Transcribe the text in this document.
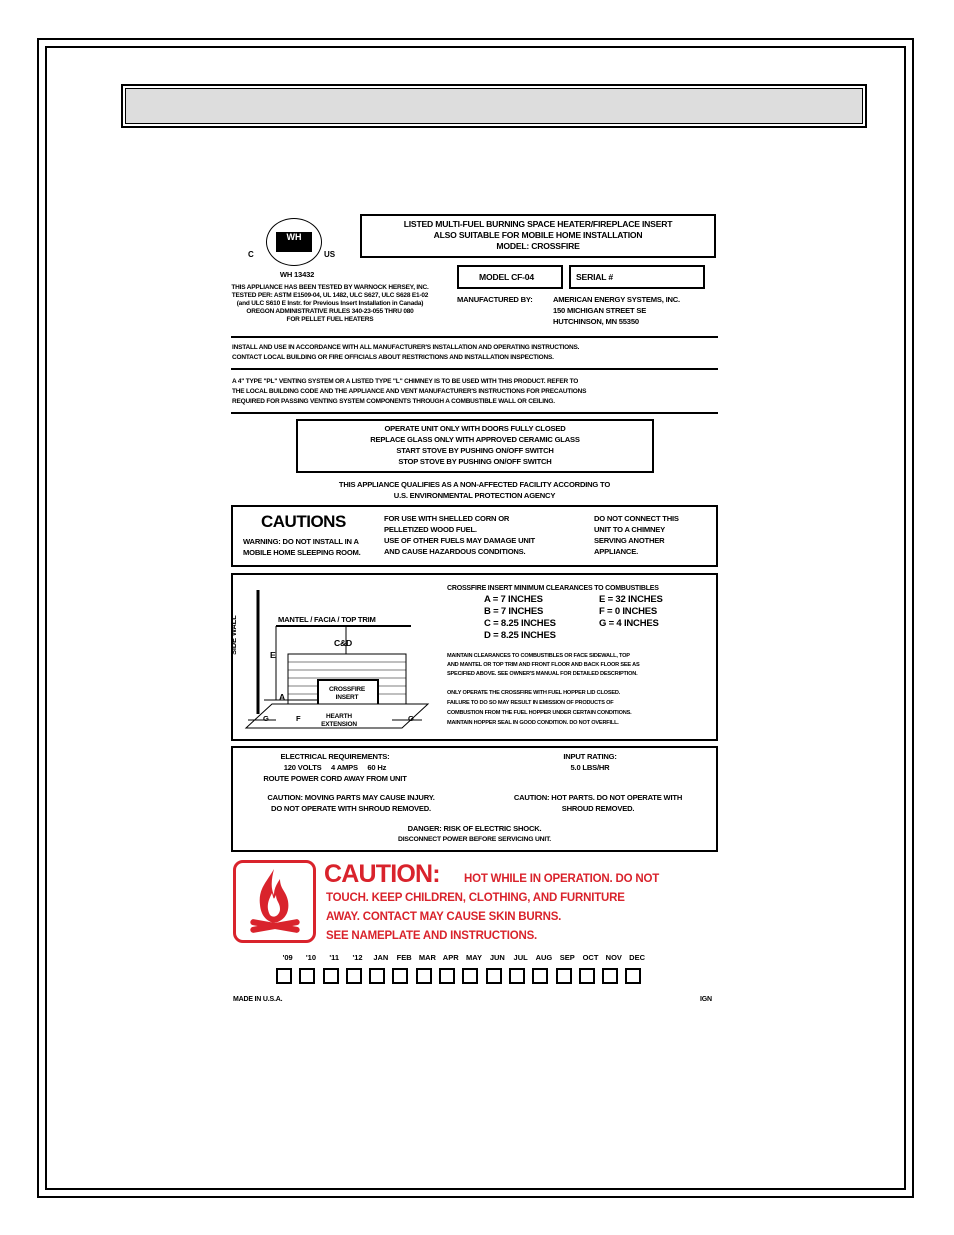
WH
C	US
WH 13432
THIS APPLIANCE HAS BEEN TESTED BY WARNOCK HERSEY, INC.
TESTED PER: ASTM E1509-04, UL 1482, ULC S627, ULC S628 E1-02
(and ULC S610 E Instr. for Previous Insert Installation in Canada)
OREGON ADMINISTRATIVE RULES 340-23-055 THRU 080
FOR PELLET FUEL HEATERS
LISTED MULTI-FUEL BURNING SPACE HEATER/FIREPLACE INSERT
ALSO SUITABLE FOR MOBILE HOME INSTALLATION
MODEL: CROSSFIRE
MODEL CF-04	SERIAL #
MANUFACTURED BY:	AMERICAN ENERGY SYSTEMS, INC.
150 MICHIGAN STREET SE
HUTCHINSON, MN 55350
INSTALL AND USE IN ACCORDANCE WITH ALL MANUFACTURER'S INSTALLATION AND OPERATING INSTRUCTIONS.
CONTACT LOCAL BUILDING OR FIRE OFFICIALS ABOUT RESTRICTIONS AND INSTALLATION INSPECTIONS.
A 4" TYPE "PL" VENTING SYSTEM OR A LISTED TYPE "L" CHIMNEY IS TO BE USED WITH THIS PRODUCT. REFER TO
THE LOCAL BUILDING CODE AND THE APPLIANCE AND VENT MANUFACTURER'S INSTRUCTIONS FOR PRECAUTIONS
REQUIRED FOR PASSING VENTING SYSTEM COMPONENTS THROUGH A COMBUSTIBLE WALL OR CEILING.
OPERATE UNIT ONLY WITH DOORS FULLY CLOSED
REPLACE GLASS ONLY WITH APPROVED CERAMIC GLASS
START STOVE BY PUSHING ON/OFF SWITCH
STOP STOVE BY PUSHING ON/OFF SWITCH
THIS APPLIANCE QUALIFIES AS A NON-AFFECTED FACILITY ACCORDING TO
U.S. ENVIRONMENTAL PROTECTION AGENCY
CAUTIONS
WARNING: DO NOT INSTALL IN A
MOBILE HOME SLEEPING ROOM.
FOR USE WITH SHELLED CORN OR
PELLETIZED WOOD FUEL.
USE OF OTHER FUELS MAY DAMAGE UNIT
AND CAUSE HAZARDOUS CONDITIONS.
DO NOT CONNECT THIS
UNIT TO A CHIMNEY
SERVING ANOTHER
APPLIANCE.
MANTEL / FACIA / TOP TRIM
SIDE WALL	C&D
E
A
G	F	G
CROSSFIRE INSERT
HEARTH EXTENSION
CROSSFIRE INSERT MINIMUM CLEARANCES TO COMBUSTIBLES
A = 7 INCHES
B = 7 INCHES
C = 8.25 INCHES
D = 8.25 INCHES
E = 32 INCHES
F = 0 INCHES
G = 4 INCHES
MAINTAIN CLEARANCES TO COMBUSTIBLES OR FACE SIDEWALL, TOP
AND MANTEL OR TOP TRIM AND FRONT FLOOR AND BACK FLOOR SEE AS
SPECIFIED ABOVE. SEE OWNER'S MANUAL FOR DETAILED DESCRIPTION.
ONLY OPERATE THE CROSSFIRE WITH FUEL HOPPER LID CLOSED.
FAILURE TO DO SO MAY RESULT IN EMISSION OF PRODUCTS OF
COMBUSTION FROM THE FUEL HOPPER UNDER CERTAIN CONDITIONS.
MAINTAIN HOPPER SEAL IN GOOD CONDITION. DO NOT OVERFILL.
ELECTRICAL REQUIREMENTS:
120 VOLTS     4 AMPS     60 Hz
ROUTE POWER CORD AWAY FROM UNIT
INPUT RATING:
5.0 LBS/HR
CAUTION: MOVING PARTS MAY CAUSE INJURY.
DO NOT OPERATE WITH SHROUD REMOVED.
CAUTION: HOT PARTS. DO NOT OPERATE WITH
SHROUD REMOVED.
DANGER: RISK OF ELECTRIC SHOCK.
DISCONNECT POWER BEFORE SERVICING UNIT.
CAUTION: HOT WHILE IN OPERATION. DO NOT
TOUCH. KEEP CHILDREN, CLOTHING, AND FURNITURE
AWAY. CONTACT MAY CAUSE SKIN BURNS.
SEE NAMEPLATE AND INSTRUCTIONS.
'09 '10 '11 '12 JAN FEB MAR APR MAY JUN JUL AUG SEP OCT NOV DEC
MADE IN U.S.A.	IGN
